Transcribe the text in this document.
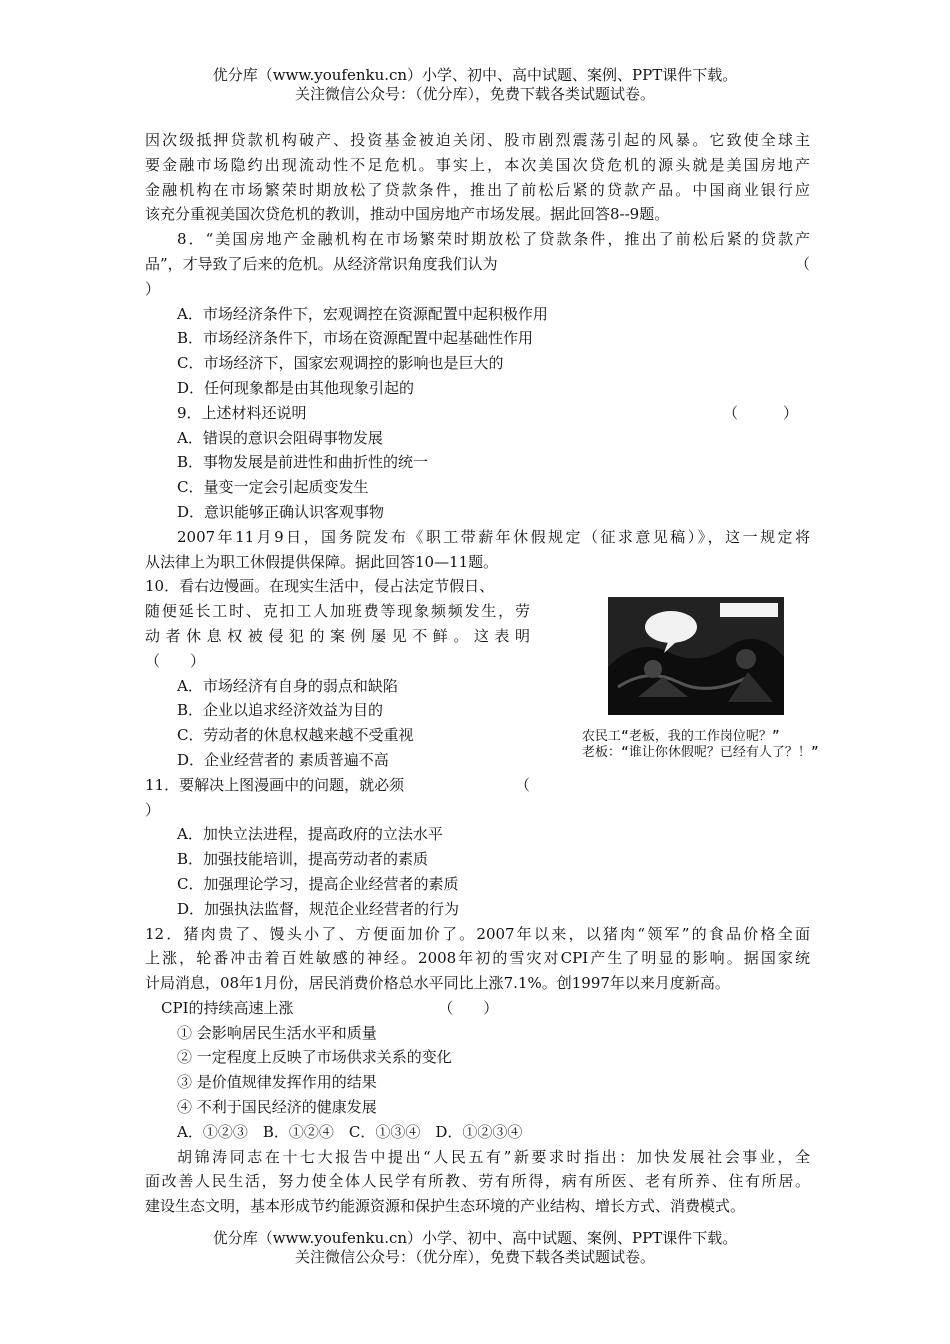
优分库（www.youfenku.cn）小学、初中、高中试题、案例、PPT课件下载。
关注微信公众号：（优分库），免费下载各类试题试卷。

因次级抵押贷款机构破产、投资基金被迫关闭、股市剧烈震荡引起的风暴。它致使全球主

要金融市场隐约出现流动性不足危机。事实上，本次美国次贷危机的源头就是美国房地产

金融机构在市场繁荣时期放松了贷款条件，推出了前松后紧的贷款产品。中国商业银行应

该充分重视美国次贷危机的教训，推动中国房地产市场发展。据此回答8--9题。

8．“美国房地产金融机构在市场繁荣时期放松了贷款条件，推出了前松后紧的贷款产

品”，才导致了后来的危机。从经济常识角度我们认为	（

）

A．市场经济条件下，宏观调控在资源配置中起积极作用

B．市场经济条件下，市场在资源配置中起基础性作用

C．市场经济下，国家宏观调控的影响也是巨大的

D．任何现象都是由其他现象引起的

9．上述材料还说明	（　　　）

A．错误的意识会阻碍事物发展

B．事物发展是前进性和曲折性的统一

C．量变一定会引起质变发生

D．意识能够正确认识客观事物

2007年11月9日，国务院发布《职工带薪年休假规定（征求意见稿）》，这一规定将

从法律上为职工休假提供保障。据此回答10—11题。

10．看右边慢画。在现实生活中，侵占法定节假日、

随便延长工时、克扣工人加班费等现象频频发生，劳

动者休息权被侵犯的案例屡见不鲜。这表明

（　　）

A．市场经济有自身的弱点和缺陷

B．企业以追求经济效益为目的

C．劳动者的休息权越来越不受重视

D．企业经营者的 素质普遍不高

11．要解决上图漫画中的问题，就必须	（

）

A．加快立法进程，提高政府的立法水平

B．加强技能培训，提高劳动者的素质

C．加强理论学习，提高企业经营者的素质

D．加强执法监督，规范企业经营者的行为

12．猪肉贵了、馒头小了、方便面加价了。2007年以来，以猪肉“领军”的食品价格全面

上涨，轮番冲击着百姓敏感的神经。2008年初的雪灾对CPI产生了明显的影响。据国家统

计局消息，08年1月份，居民消费价格总水平同比上涨7.1%。创1997年以来月度新高。

CPI的持续高速上涨	（　　）

① 会影响居民生活水平和质量

② 一定程度上反映了市场供求关系的变化

③ 是价值规律发挥作用的结果

④ 不利于国民经济的健康发展

A．①②③　B．①②④　C．①③④　D．①②③④

胡锦涛同志在十七大报告中提出“人民五有”新要求时指出：加快发展社会事业，全

面改善人民生活，努力使全体人民学有所教、劳有所得，病有所医、老有所养、住有所居。

建设生态文明，基本形成节约能源资源和保护生态环境的产业结构、增长方式、消费模式。

农民工“老板，我的工作岗位呢？”
老板：“谁让你休假呢？已经有人了？！”
优分库（www.youfenku.cn）小学、初中、高中试题、案例、PPT课件下载。
关注微信公众号：（优分库），免费下载各类试题试卷。
